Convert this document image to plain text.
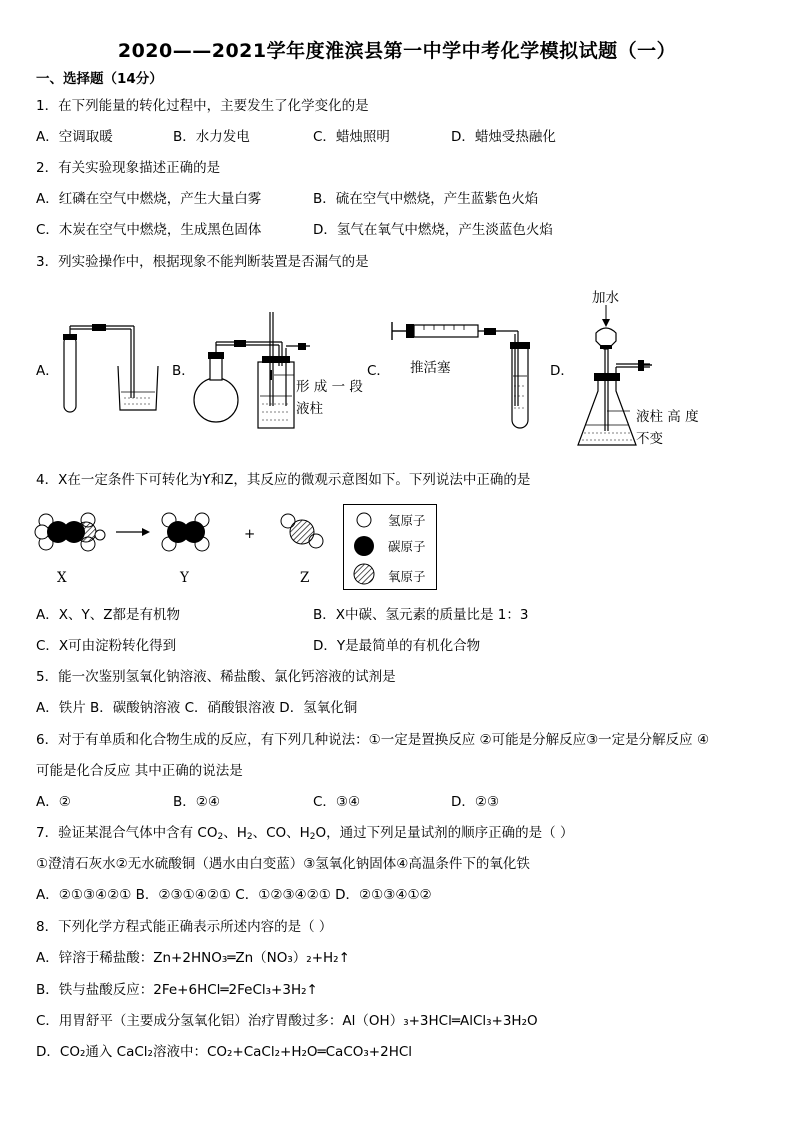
2020——2021学年度淮滨县第一中学中考化学模拟试题（一）
一、选择题（14分）
1．在下列能量的转化过程中，主要发生了化学变化的是
A．空调取暖	B．水力发电	C．蜡烛照明	D．蜡烛受热融化
2．有关实验现象描述正确的是
A．红磷在空气中燃烧，产生大量白雾	B．硫在空气中燃烧，产生蓝紫色火焰
C．木炭在空气中燃烧，生成黑色固体	D．氢气在氧气中燃烧，产生淡蓝色火焰
3．列实验操作中，根据现象不能判断装置是否漏气的是
A．	B．
形 成 一 段
液柱
C． 推活塞	D．
加水
液柱 高 度
不变
4．X在一定条件下可转化为Y和Z，其反应的微观示意图如下。下列说法中正确的是
X	Y
+
Z
氢原子
碳原子
氧原子
A．X、Y、Z都是有机物	B．X中碳、氢元素的质量比是 1：3
C．X可由淀粉转化得到	D．Y是最简单的有机化合物
5．能一次鉴别氢氧化钠溶液、稀盐酸、氯化钙溶液的试剂是
A．铁片 B．碳酸钠溶液 C．硝酸银溶液 D．氢氧化铜
6．对于有单质和化合物生成的反应，有下列几种说法：①一定是置换反应 ②可能是分解反应③一定是分解反应 ④
可能是化合反应 其中正确的说法是
A．②	B．②④	C．③④	D．②③
7．验证某混合气体中含有 $CO_2$、$H_2$、CO、$H_2O$，通过下列足量试剂的顺序正确的是（ ）
①澄清石灰水②无水硫酸铜（遇水由白变蓝）③氢氧化钠固体④高温条件下的氧化铁
A．②①③④②① B．②③①④②① C．①②③④②① D．②①③④①②
8．下列化学方程式能正确表示所述内容的是（ ）
A．锌溶于稀盐酸：Zn+2HNO₃═Zn（NO₃）₂+H₂↑
B．铁与盐酸反应：2Fe+6HCl═2FeCl₃+3H₂↑
C．用胃舒平（主要成分氢氧化铝）治疗胃酸过多：Al（OH）₃+3HCl═AlCl₃+3H₂O
D．CO₂通入 CaCl₂溶液中：CO₂+CaCl₂+H₂O═CaCO₃+2HCl
